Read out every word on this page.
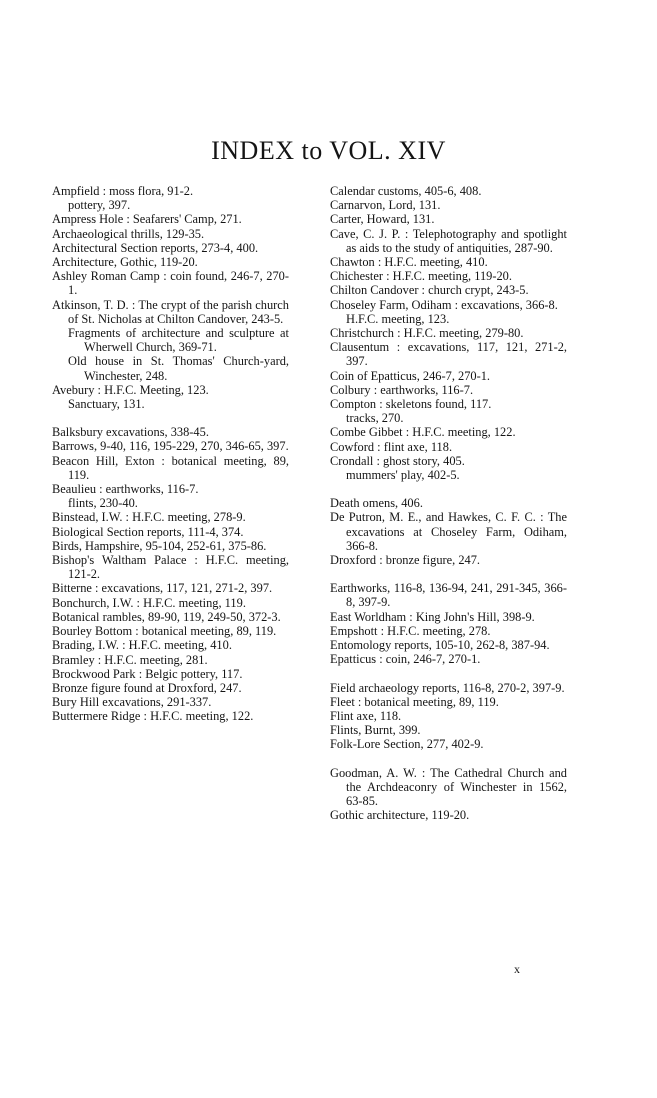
INDEX to VOL. XIV
Ampfield : moss flora, 91-2.
pottery, 397.
Ampress Hole : Seafarers' Camp, 271.
Archaeological thrills, 129-35.
Architectural Section reports, 273-4, 400.
Architecture, Gothic, 119-20.
Ashley Roman Camp : coin found, 246-7, 270-1.
Atkinson, T. D. : The crypt of the parish church of St. Nicholas at Chilton Candover, 243-5.
Fragments of architecture and sculpture at Wherwell Church, 369-71.
Old house in St. Thomas' Church-yard, Winchester, 248.
Avebury : H.F.C. Meeting, 123.
Sanctuary, 131.
Balksbury excavations, 338-45.
Barrows, 9-40, 116, 195-229, 270, 346-65, 397.
Beacon Hill, Exton : botanical meeting, 89, 119.
Beaulieu : earthworks, 116-7.
flints, 230-40.
Binstead, I.W. : H.F.C. meeting, 278-9.
Biological Section reports, 111-4, 374.
Birds, Hampshire, 95-104, 252-61, 375-86.
Bishop's Waltham Palace : H.F.C. meeting, 121-2.
Bitterne : excavations, 117, 121, 271-2, 397.
Bonchurch, I.W. : H.F.C. meeting, 119.
Botanical rambles, 89-90, 119, 249-50, 372-3.
Bourley Bottom : botanical meeting, 89, 119.
Brading, I.W. : H.F.C. meeting, 410.
Bramley : H.F.C. meeting, 281.
Brockwood Park : Belgic pottery, 117.
Bronze figure found at Droxford, 247.
Bury Hill excavations, 291-337.
Buttermere Ridge : H.F.C. meeting, 122.
Calendar customs, 405-6, 408.
Carnarvon, Lord, 131.
Carter, Howard, 131.
Cave, C. J. P. : Telephotography and spotlight as aids to the study of antiquities, 287-90.
Chawton : H.F.C. meeting, 410.
Chichester : H.F.C. meeting, 119-20.
Chilton Candover : church crypt, 243-5.
Choseley Farm, Odiham : excavations, 366-8.
H.F.C. meeting, 123.
Christchurch : H.F.C. meeting, 279-80.
Clausentum : excavations, 117, 121, 271-2, 397.
Coin of Epatticus, 246-7, 270-1.
Colbury : earthworks, 116-7.
Compton : skeletons found, 117.
tracks, 270.
Combe Gibbet : H.F.C. meeting, 122.
Cowford : flint axe, 118.
Crondall : ghost story, 405.
mummers' play, 402-5.
Death omens, 406.
De Putron, M. E., and Hawkes, C. F. C. : The excavations at Choseley Farm, Odiham, 366-8.
Droxford : bronze figure, 247.
Earthworks, 116-8, 136-94, 241, 291-345, 366-8, 397-9.
East Worldham : King John's Hill, 398-9.
Empshott : H.F.C. meeting, 278.
Entomology reports, 105-10, 262-8, 387-94.
Epatticus : coin, 246-7, 270-1.
Field archaeology reports, 116-8, 270-2, 397-9.
Fleet : botanical meeting, 89, 119.
Flint axe, 118.
Flints, Burnt, 399.
Folk-Lore Section, 277, 402-9.
Goodman, A. W. : The Cathedral Church and the Archdeaconry of Winchester in 1562, 63-85.
Gothic architecture, 119-20.
x
